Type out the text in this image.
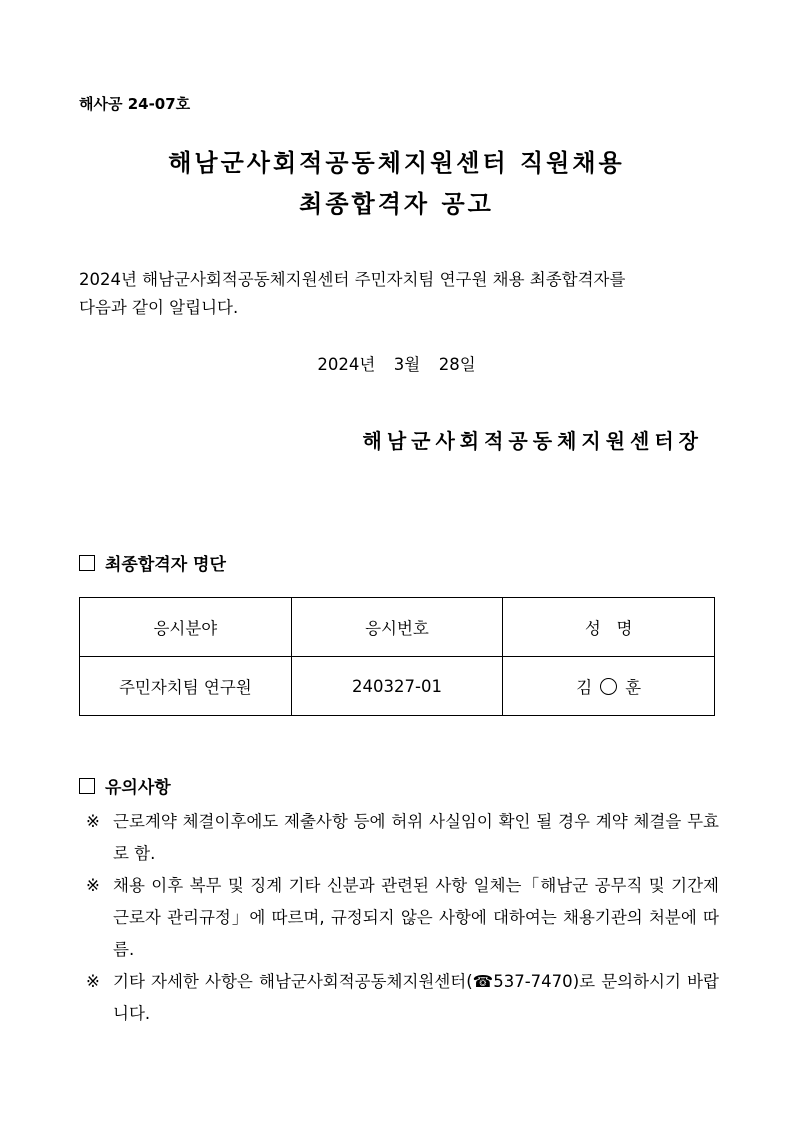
해사공 24-07호
해남군사회적공동체지원센터 직원채용
최종합격자 공고
2024년 해남군사회적공동체지원센터 주민자치팀 연구원 채용 최종합격자를
다음과 같이 알립니다.
2024년  3월  28일
해남군사회적공동체지원센터장
최종합격자 명단
응시분야	응시번호	성   명
주민자치팀 연구원	240327-01	김 훈
유의사항
※ 근로계약 체결이후에도 제출사항 등에 허위 사실임이 확인 될 경우 계약 체결을 무효로 함.
※ 채용 이후 복무 및 징계 기타 신분과 관련된 사항 일체는「해남군 공무직 및 기간제 근로자 관리규정」에 따르며, 규정되지 않은 사항에 대하여는 채용기관의 처분에 따름.
※ 기타 자세한 사항은 해남군사회적공동체지원센터(☎537-7470)로 문의하시기 바랍니다.
